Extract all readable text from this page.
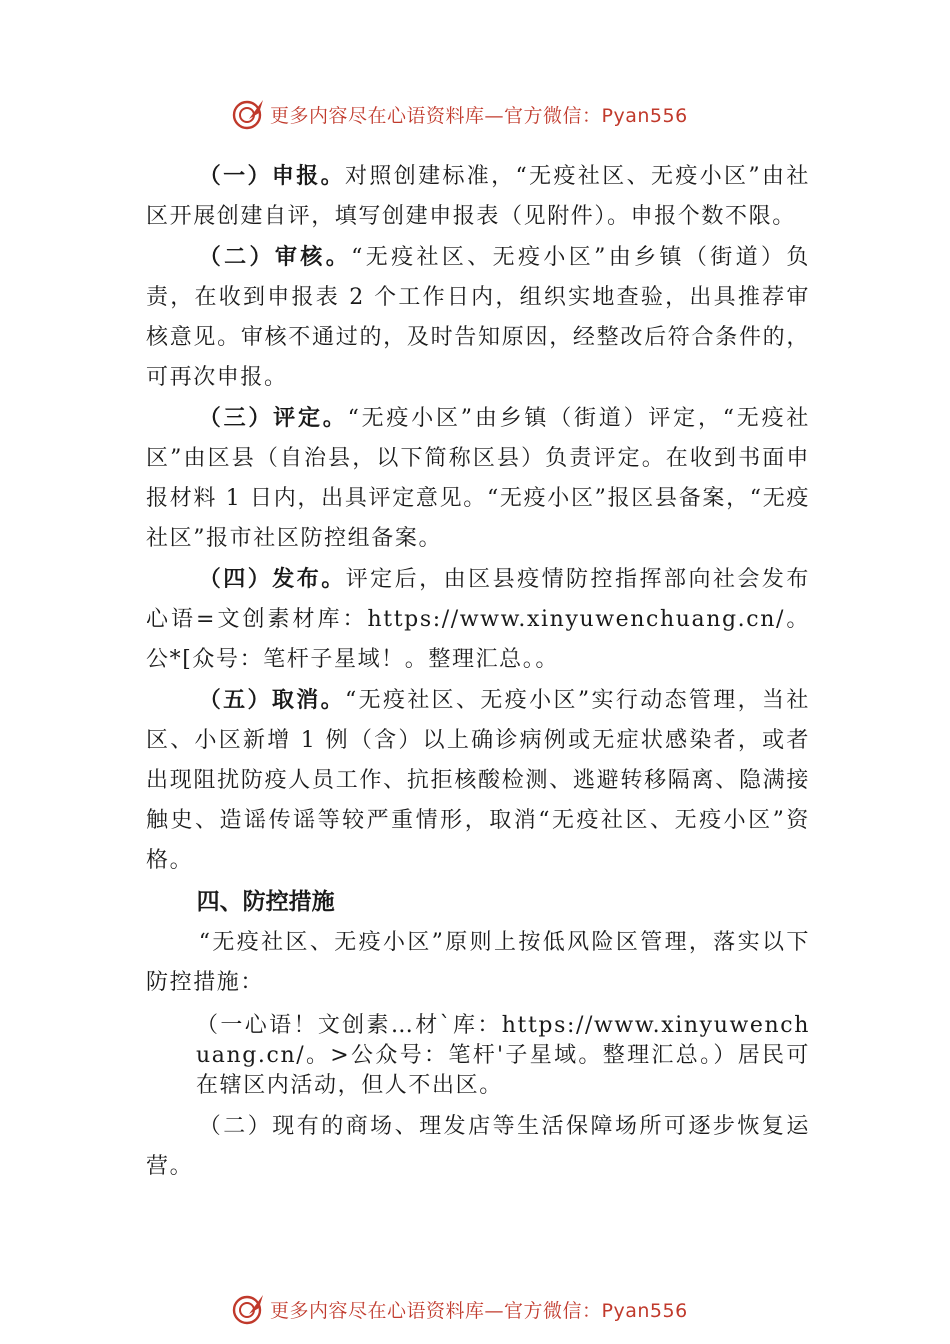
更多内容尽在心语资料库—官方微信：Pyan556

（一）申报。对照创建标准，“无疫社区、无疫小区”由社区开展创建自评，填写创建申报表（见附件）。申报个数不限。

（二）审核。“无疫社区、无疫小区”由乡镇（街道）负责，在收到申报表 2 个工作日内，组织实地查验，出具推荐审核意见。审核不通过的，及时告知原因，经整改后符合条件的，可再次申报。

（三）评定。“无疫小区”由乡镇（街道）评定，“无疫社区”由区县（自治县，以下简称区县）负责评定。在收到书面申报材料 1 日内，出具评定意见。“无疫小区”报区县备案，“无疫社区”报市社区防控组备案。

（四）发布。评定后，由区县疫情防控指挥部向社会发布心语=文创素材库：https://www.xinyuwenchuang.cn/。公*[众号：笔杆子星域！。整理汇总。。

（五）取消。“无疫社区、无疫小区”实行动态管理，当社区、小区新增 1 例（含）以上确诊病例或无症状感染者，或者出现阻扰防疫人员工作、抗拒核酸检测、逃避转移隔离、隐满接触史、造谣传谣等较严重情形，取消“无疫社区、无疫小区”资格。

四、防控措施

“无疫社区、无疫小区”原则上按低风险区管理，落实以下防控措施：

（一心语！文创素…材`库：https://www.xinyuwenchuang.cn/。>公众号：笔杆'子星域。整理汇总。）居民可在辖区内活动，但人不出区。

（二）现有的商场、理发店等生活保障场所可逐步恢复运营。

更多内容尽在心语资料库—官方微信：Pyan556
